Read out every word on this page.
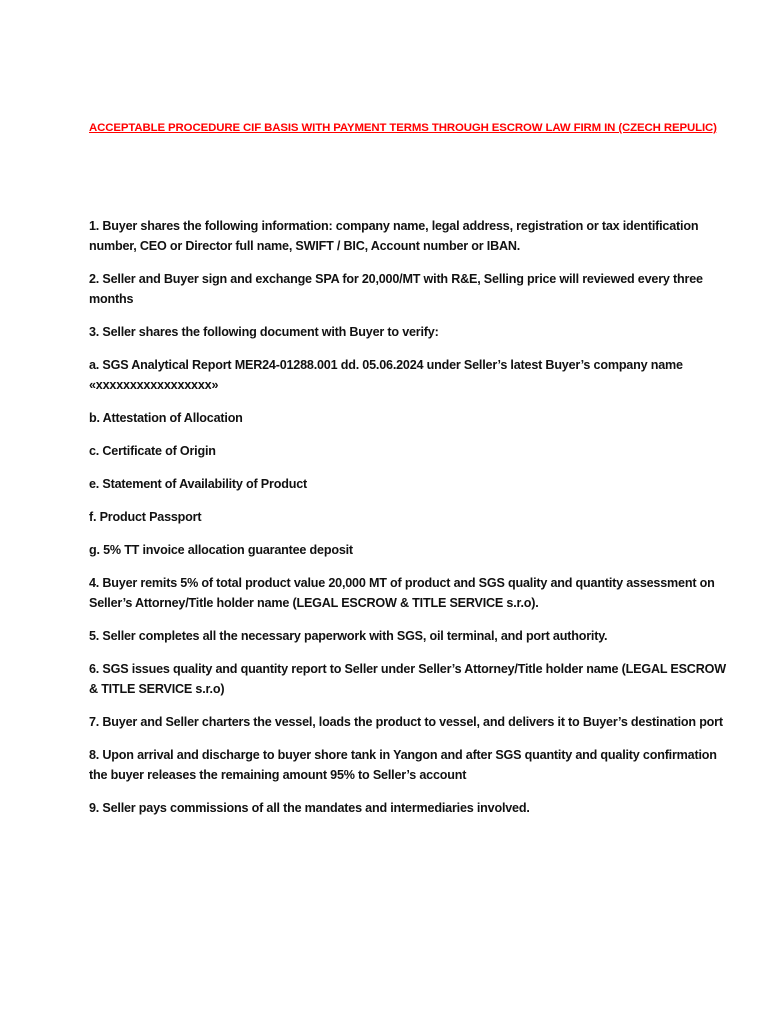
ACCEPTABLE PROCEDURE CIF BASIS WITH PAYMENT TERMS THROUGH ESCROW LAW FIRM IN (CZECH REPULIC)

1. Buyer shares the following information: company name, legal address, registration or tax identification
number, CEO or Director full name, SWIFT / BIC, Account number or IBAN.

2. Seller and Buyer sign and exchange SPA for 20,000/MT with R&E, Selling price will reviewed every three
months

3. Seller shares the following document with Buyer to verify:

a. SGS Analytical Report MER24-01288.001 dd. 05.06.2024 under Seller’s latest Buyer’s company name
«xxxxxxxxxxxxxxxxx»

b. Attestation of Allocation

c. Certificate of Origin

e. Statement of Availability of Product

f. Product Passport

g. 5% TT invoice allocation guarantee deposit

4. Buyer remits 5% of total product value 20,000 MT of product and SGS quality and quantity assessment on
Seller’s Attorney/Title holder name (LEGAL ESCROW & TITLE SERVICE s.r.o).

5. Seller completes all the necessary paperwork with SGS, oil terminal, and port authority.

6. SGS issues quality and quantity report to Seller under Seller’s Attorney/Title holder name (LEGAL ESCROW
& TITLE SERVICE s.r.o)

7. Buyer and Seller charters the vessel, loads the product to vessel, and delivers it to Buyer’s destination port

8. Upon arrival and discharge to buyer shore tank in Yangon and after SGS quantity and quality confirmation
the buyer releases the remaining amount 95% to Seller’s account

9. Seller pays commissions of all the mandates and intermediaries involved.
